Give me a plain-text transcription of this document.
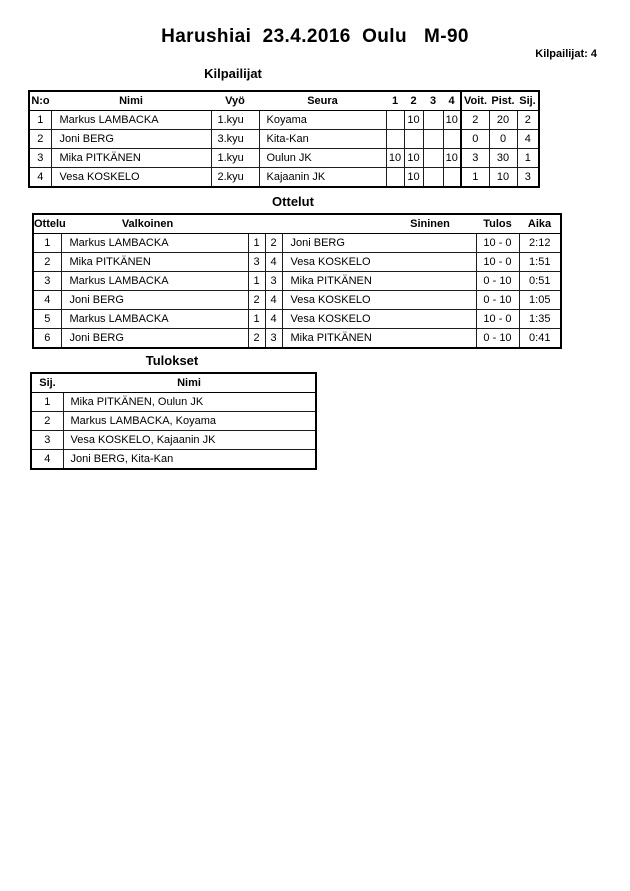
Harushiai  23.4.2016  Oulu   M-90
Kilpailijat: 4
Kilpailijat
N:o	Nimi	Vyö	Seura	1	2	3	4	Voit.	Pist.	Sij.
1	Markus LAMBACKA	1.kyu	Koyama		10		10	2	20	2
2	Joni BERG	3.kyu	Kita-Kan					0	0	4
3	Mika PITKÄNEN	1.kyu	Oulun JK	10	10		10	3	30	1
4	Vesa KOSKELO	2.kyu	Kajaanin JK		10			1	10	3
Ottelut
Ottelu	Valkoinen			Sininen	Tulos	Aika
1	Markus LAMBACKA	1	2	Joni BERG	10 - 0	2:12
2	Mika PITKÄNEN	3	4	Vesa KOSKELO	10 - 0	1:51
3	Markus LAMBACKA	1	3	Mika PITKÄNEN	0 - 10	0:51
4	Joni BERG	2	4	Vesa KOSKELO	0 - 10	1:05
5	Markus LAMBACKA	1	4	Vesa KOSKELO	10 - 0	1:35
6	Joni BERG	2	3	Mika PITKÄNEN	0 - 10	0:41
Tulokset
Sij.	Nimi
1	Mika PITKÄNEN, Oulun JK
2	Markus LAMBACKA, Koyama
3	Vesa KOSKELO, Kajaanin JK
4	Joni BERG, Kita-Kan
